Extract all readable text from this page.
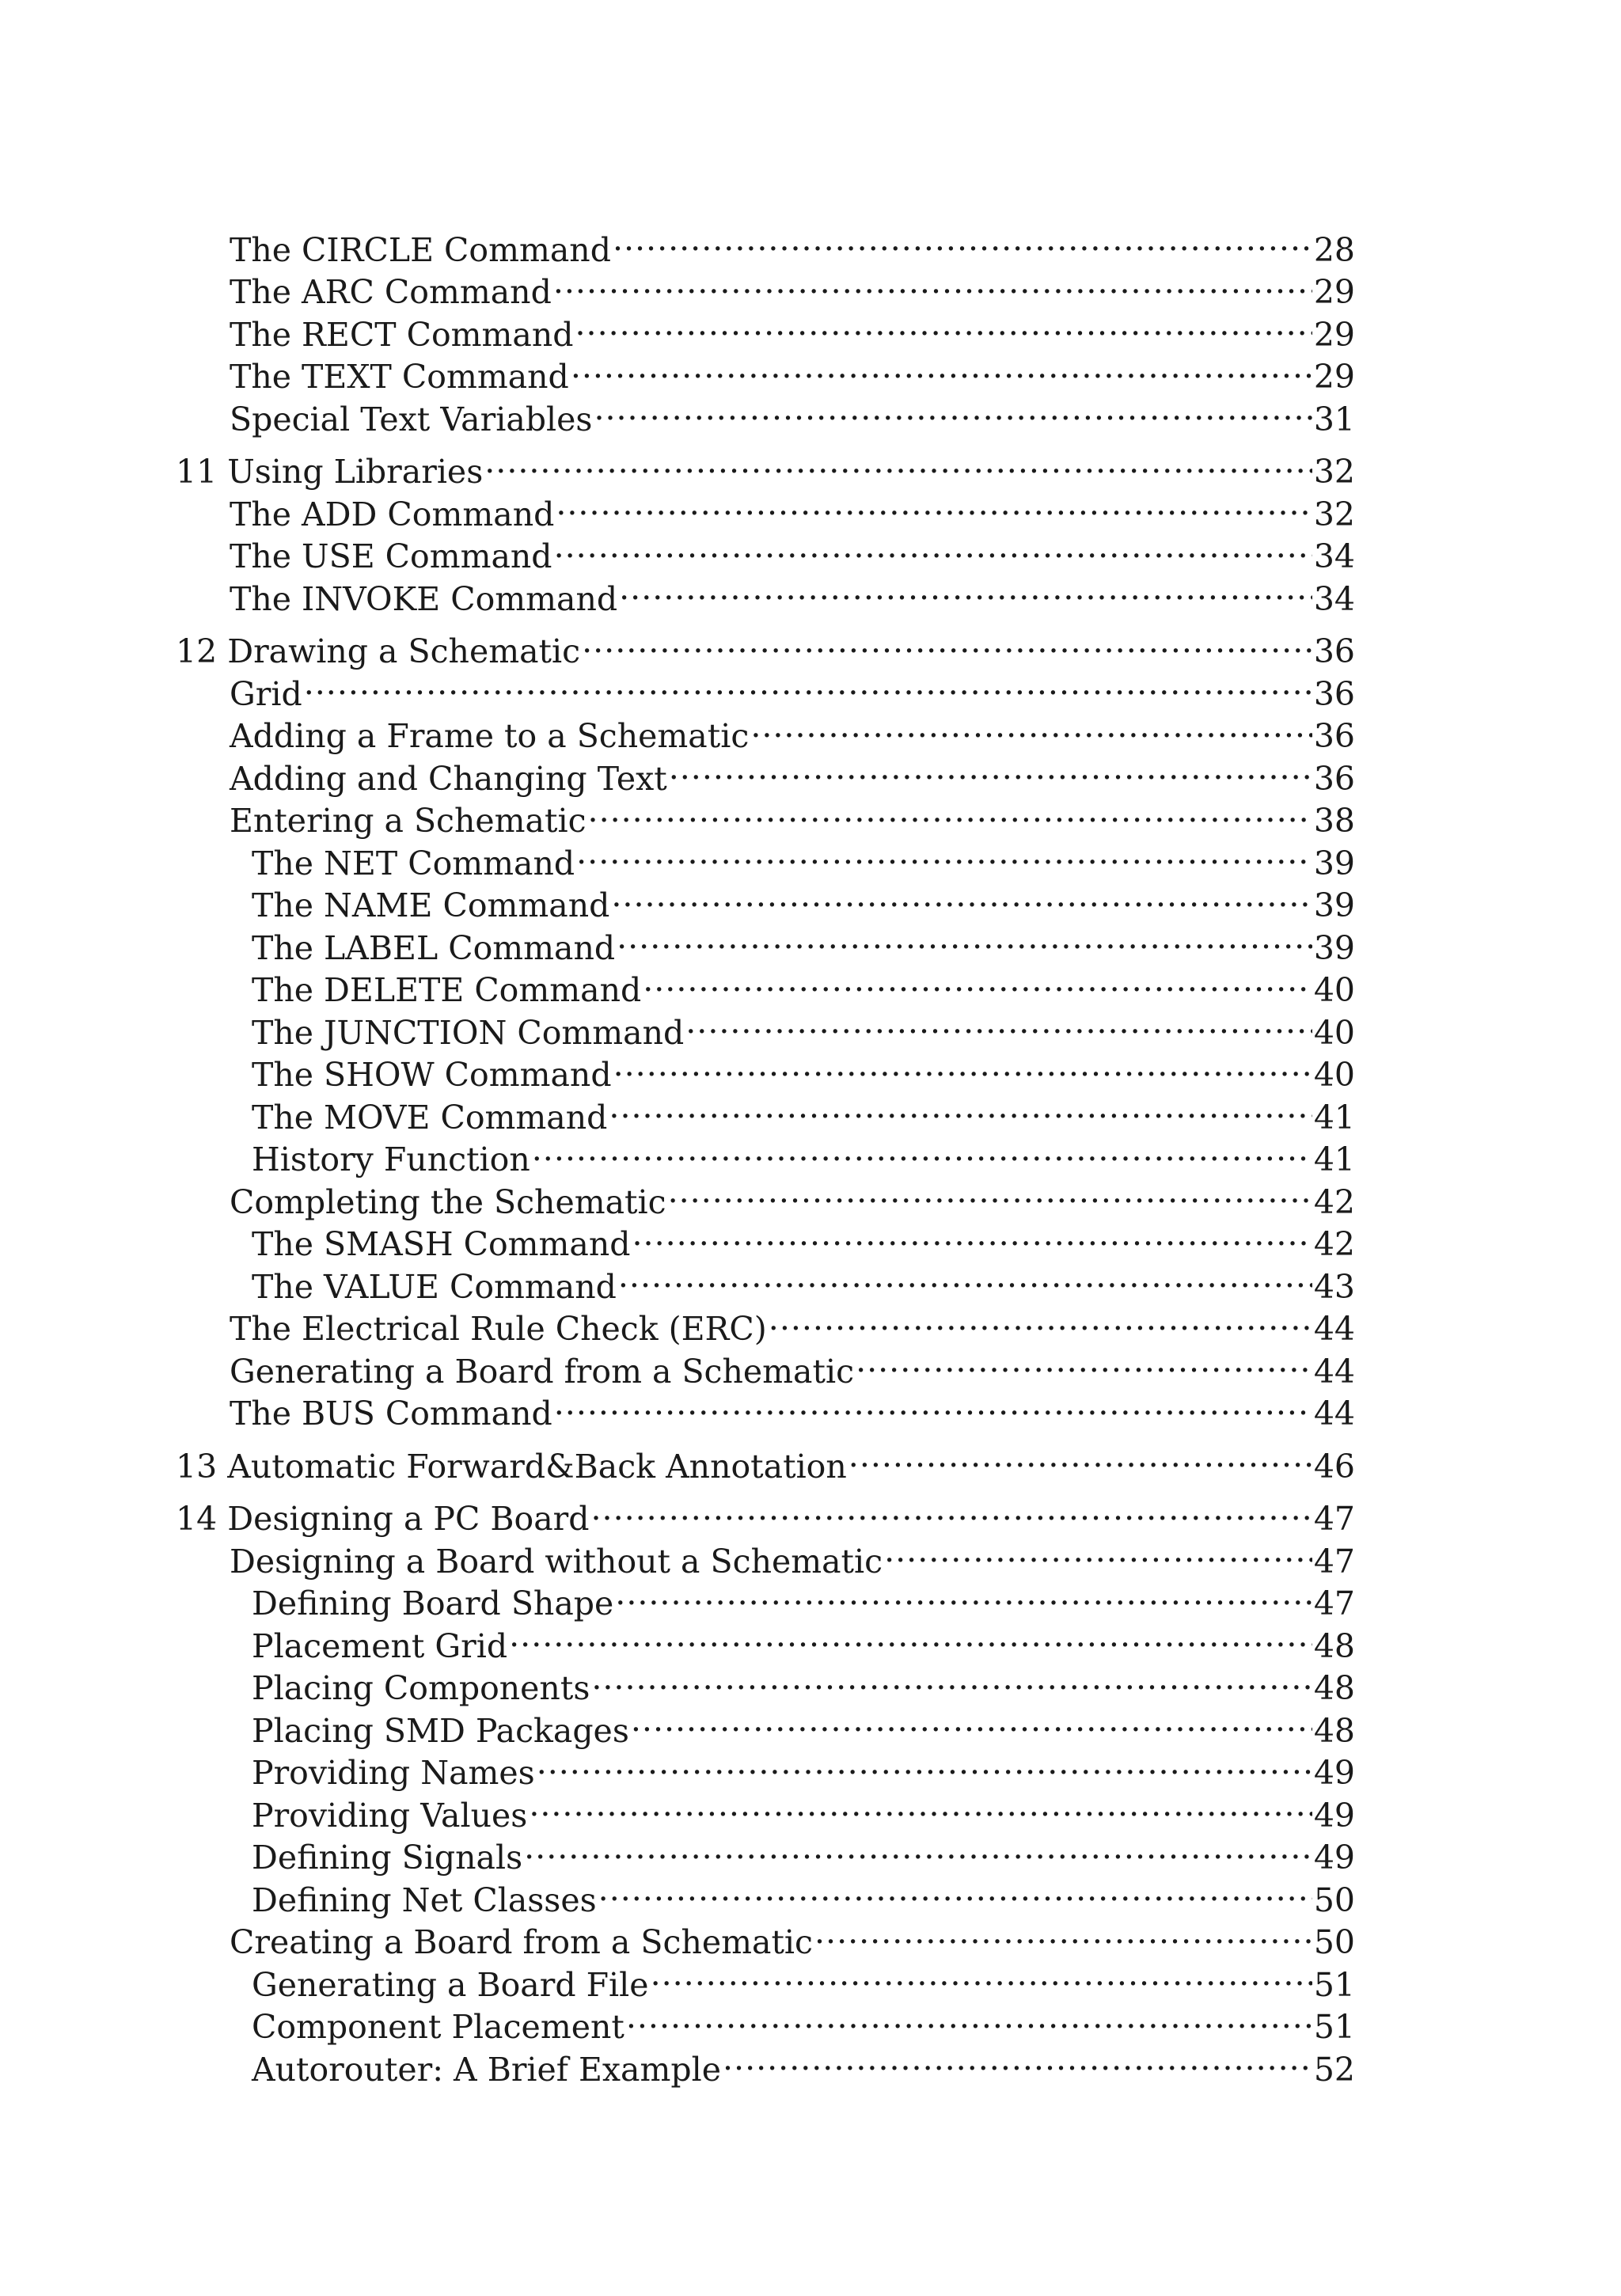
The CIRCLE Command .....	28
The ARC Command .....	29
The RECT Command .....	29
The TEXT Command .....	29
Special Text Variables .....	31
11 Using Libraries .....	32
The ADD Command .....	32
The USE Command .....	34
The INVOKE Command .....	34
12 Drawing a Schematic .....	36
Grid .....	36
Adding a Frame to a Schematic .....	36
Adding and Changing Text .....	36
Entering a Schematic .....	38
The NET Command .....	39
The NAME Command .....	39
The LABEL Command .....	39
The DELETE Command .....	40
The JUNCTION Command .....	40
The SHOW Command .....	40
The MOVE Command .....	41
History Function .....	41
Completing the Schematic .....	42
The SMASH Command .....	42
The VALUE Command .....	43
The Electrical Rule Check (ERC) .....	44
Generating a Board from a Schematic .....	44
The BUS Command .....	44
13 Automatic Forward&Back Annotation .....	46
14 Designing a PC Board .....	47
Designing a Board without a Schematic .....	47
Defining Board Shape .....	47
Placement Grid .....	48
Placing Components .....	48
Placing SMD Packages .....	48
Providing Names .....	49
Providing Values .....	49
Defining Signals .....	49
Defining Net Classes .....	50
Creating a Board from a Schematic .....	50
Generating a Board File .....	51
Component Placement .....	51
Autorouter: A Brief Example .....	52
